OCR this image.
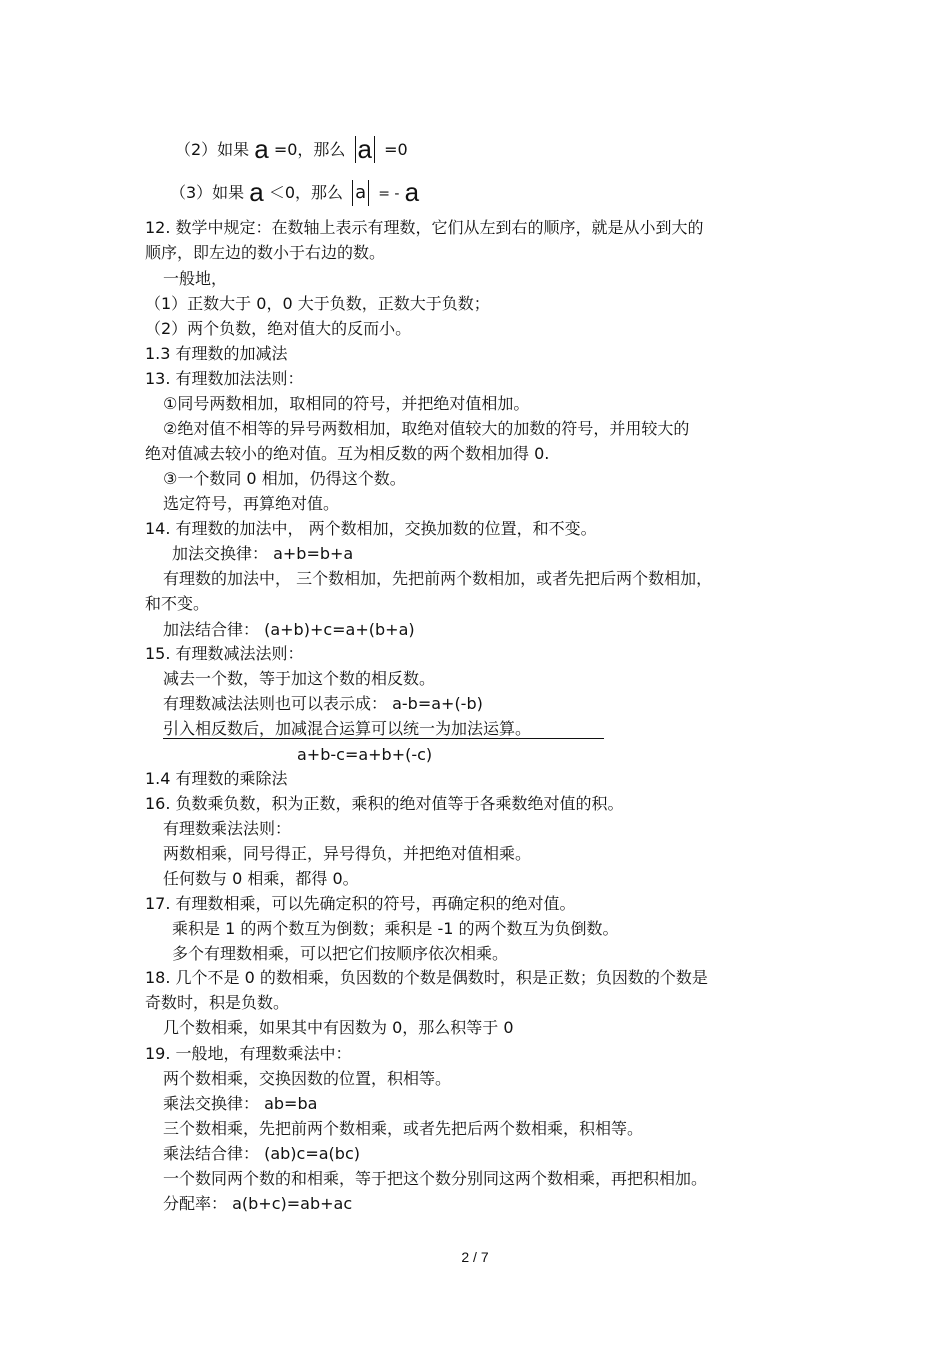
（2）如果 a =0，那么 a =0
（3）如果 a ＜0，那么 a = - a
12. 数学中规定：在数轴上表示有理数，它们从左到右的顺序，就是从小到大的
顺序，即左边的数小于右边的数。
一般地，
（1）正数大于 0，0 大于负数，正数大于负数；
（2）两个负数，绝对值大的反而小。
1.3 有理数的加减法
13. 有理数加法法则：
①同号两数相加，取相同的符号，并把绝对值相加。
②绝对值不相等的异号两数相加，取绝对值较大的加数的符号，并用较大的
绝对值减去较小的绝对值。互为相反数的两个数相加得 0.
③一个数同 0 相加，仍得这个数。
选定符号，再算绝对值。
14. 有理数的加法中， 两个数相加，交换加数的位置，和不变。
加法交换律： a+b=b+a
有理数的加法中， 三个数相加，先把前两个数相加，或者先把后两个数相加，
和不变。
加法结合律： (a+b)+c=a+(b+a)
15. 有理数减法法则：
减去一个数，等于加这个数的相反数。
有理数减法法则也可以表示成： a-b=a+(-b)
引入相反数后，加减混合运算可以统一为加法运算。
a+b-c=a+b+(-c)
1.4 有理数的乘除法
16. 负数乘负数，积为正数，乘积的绝对值等于各乘数绝对值的积。
有理数乘法法则：
两数相乘，同号得正，异号得负，并把绝对值相乘。
任何数与 0 相乘，都得 0。
17. 有理数相乘，可以先确定积的符号，再确定积的绝对值。
乘积是 1 的两个数互为倒数；乘积是 -1 的两个数互为负倒数。
多个有理数相乘，可以把它们按顺序依次相乘。
18. 几个不是 0 的数相乘，负因数的个数是偶数时，积是正数；负因数的个数是
奇数时，积是负数。
几个数相乘，如果其中有因数为 0，那么积等于 0
19. 一般地，有理数乘法中：
两个数相乘，交换因数的位置，积相等。
乘法交换律： ab=ba
三个数相乘，先把前两个数相乘，或者先把后两个数相乘，积相等。
乘法结合律： (ab)c=a(bc)
一个数同两个数的和相乘，等于把这个数分别同这两个数相乘，再把积相加。
分配率： a(b+c)=ab+ac
2 / 7
